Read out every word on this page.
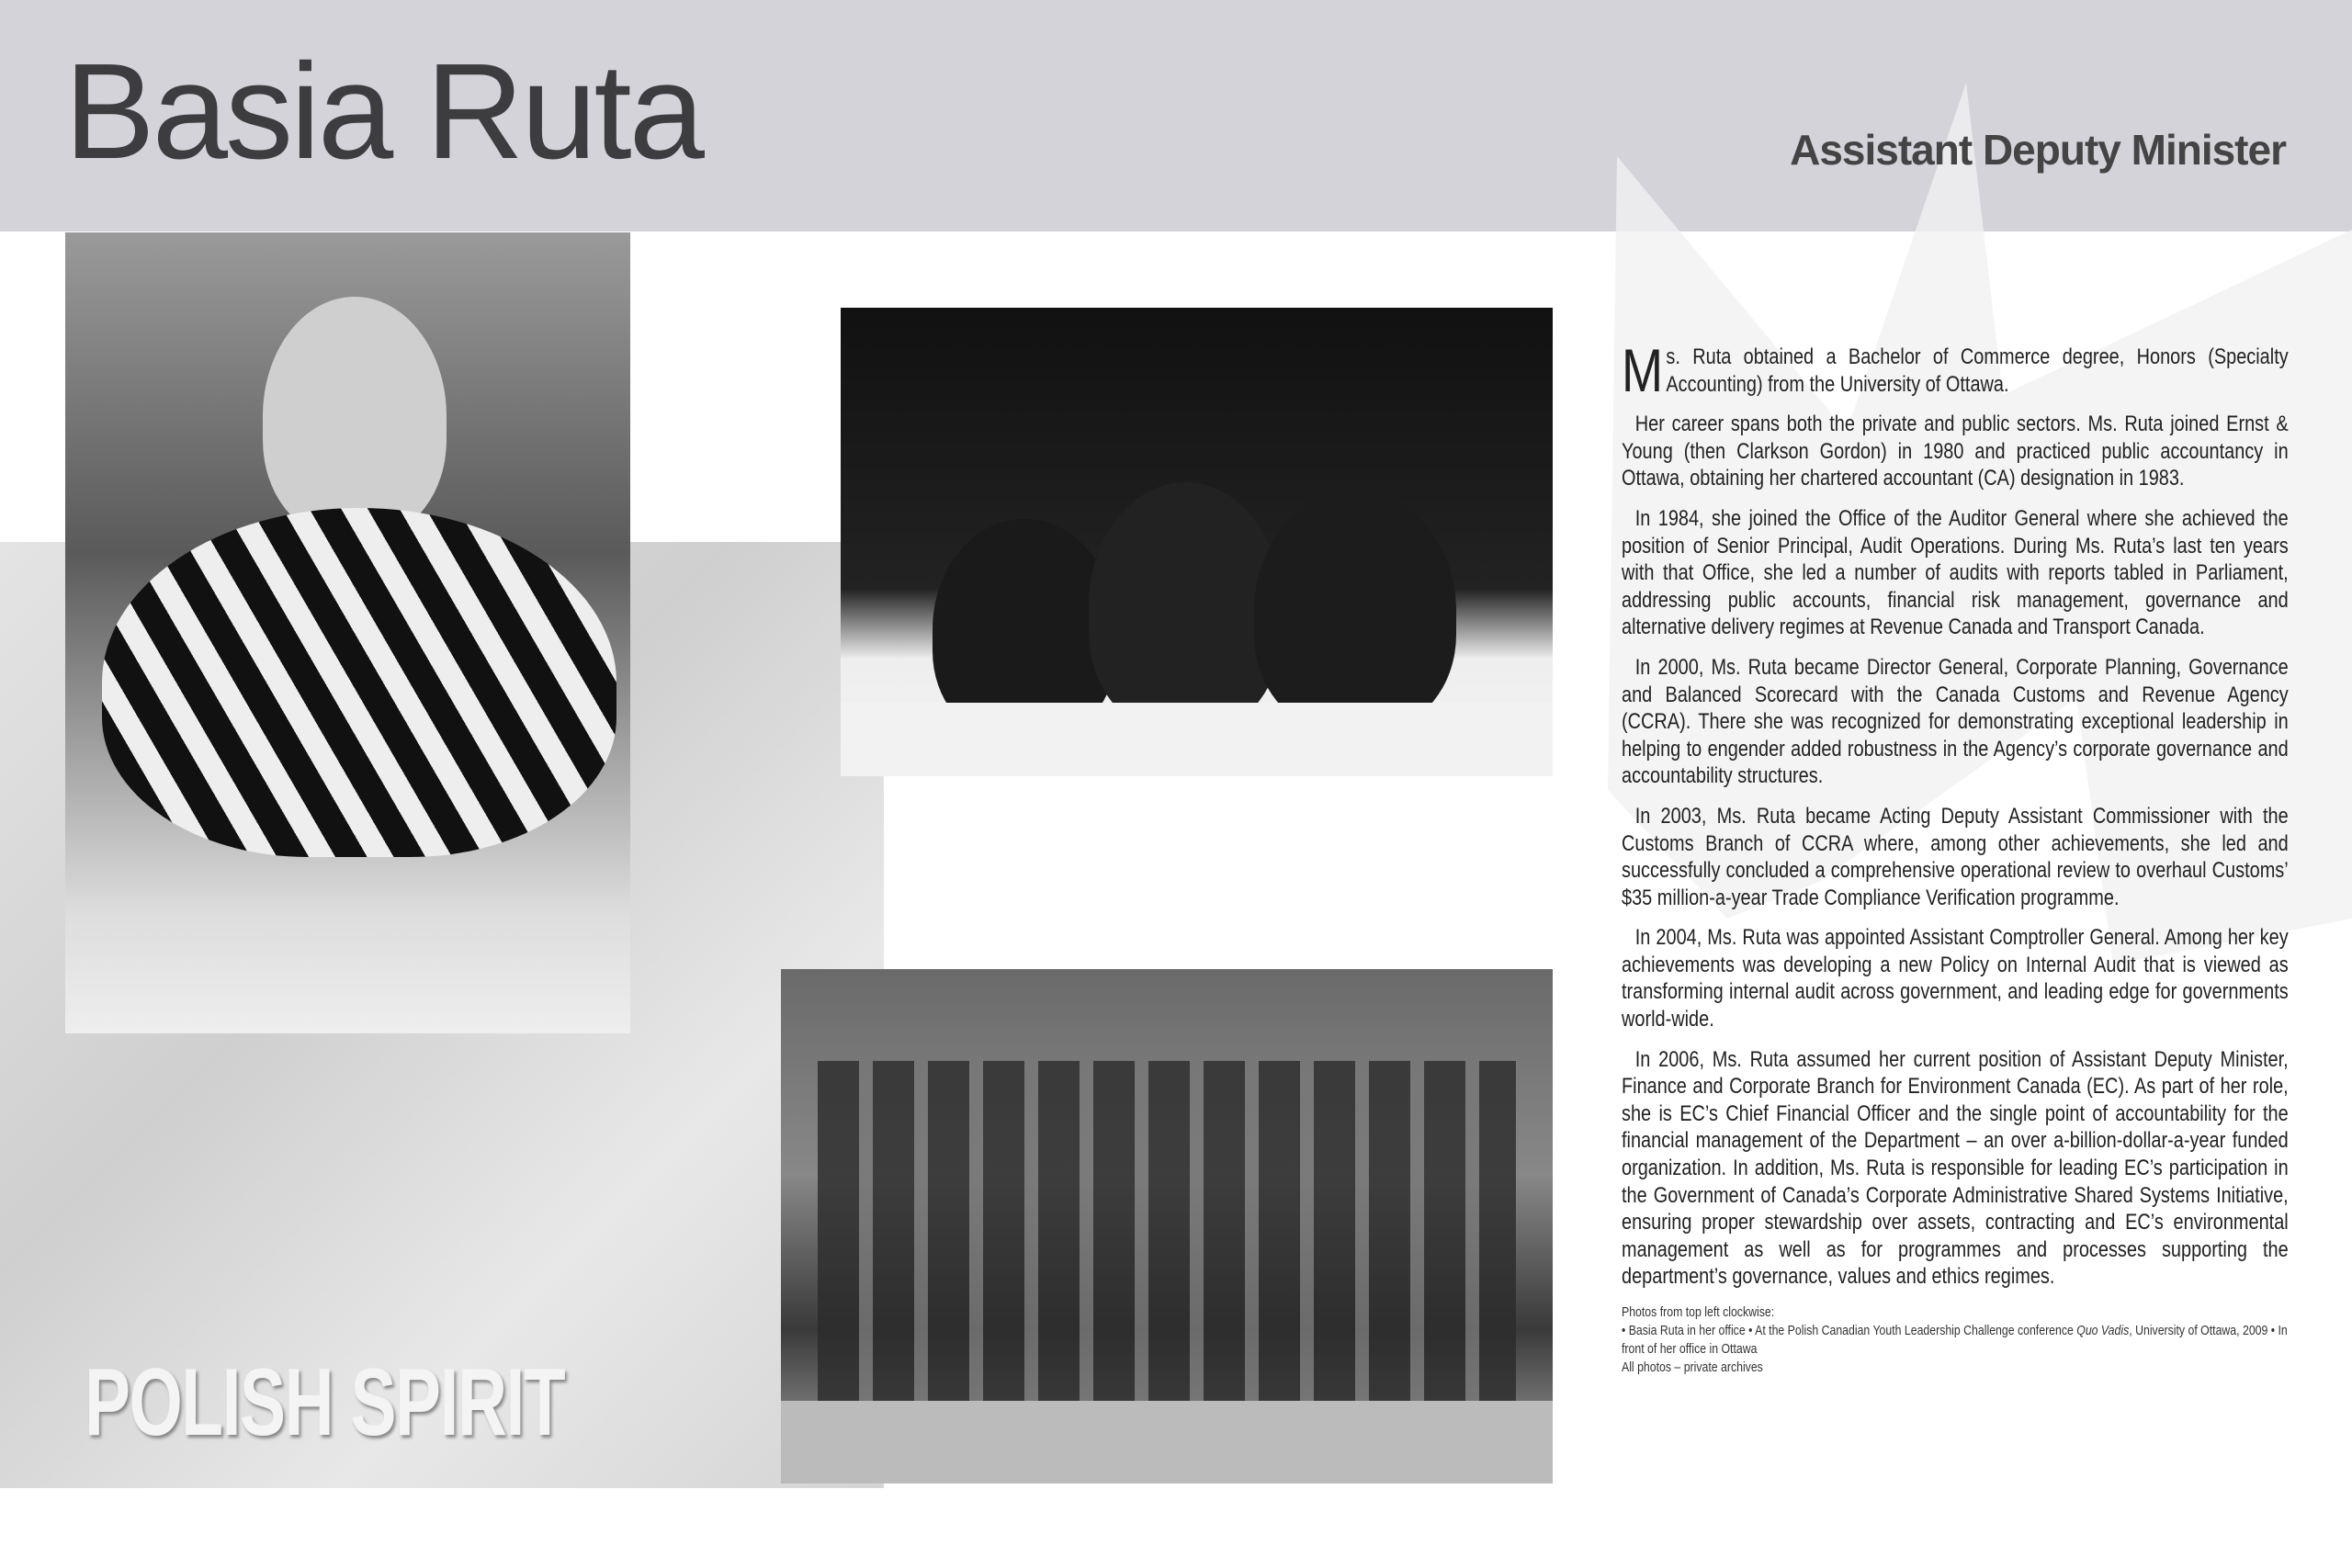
Basia Ruta	Assistant Deputy Minister
POLISH SPIRIT

Ms. Ruta obtained a Bachelor of Commerce degree, Honors (Specialty Accounting) from the University of Ottawa.

Her career spans both the private and public sectors. Ms. Ruta joined Ernst & Young (then Clarkson Gordon) in 1980 and practiced public accountancy in Ottawa, obtaining her chartered accountant (CA) designation in 1983.

In 1984, she joined the Office of the Auditor General where she achieved the position of Senior Principal, Audit Operations. During Ms. Ruta’s last ten years with that Office, she led a number of audits with reports tabled in Parliament, addressing public accounts, financial risk management, governance and alternative delivery regimes at Revenue Canada and Transport Canada.

In 2000, Ms. Ruta became Director General, Corporate Planning, Governance and Balanced Scorecard with the Canada Customs and Revenue Agency (CCRA). There she was recognized for demonstrating exceptional leadership in helping to engender added robustness in the Agency’s corporate governance and accountability structures.

In 2003, Ms. Ruta became Acting Deputy Assistant Commissioner with the Customs Branch of CCRA where, among other achievements, she led and successfully concluded a comprehensive operational review to overhaul Customs’ $35 million-a-year Trade Compliance Verification programme.

In 2004, Ms. Ruta was appointed Assistant Comptroller General. Among her key achievements was developing a new Policy on Internal Audit that is viewed as transforming internal audit across government, and leading edge for governments world-wide.

In 2006, Ms. Ruta assumed her current position of Assistant Deputy Minister, Finance and Corporate Branch for Environment Canada (EC). As part of her role, she is EC’s Chief Financial Officer and the single point of accountability for the financial management of the Department – an over a-billion-dollar-a-year funded organization. In addition, Ms. Ruta is responsible for leading EC’s participation in the Government of Canada’s Corporate Administrative Shared Systems Initiative, ensuring proper stewardship over assets, contracting and EC’s environmental management as well as for programmes and processes supporting the department’s governance, values and ethics regimes.

Photos from top left clockwise:
• Basia Ruta in her office • At the Polish Canadian Youth Leadership Challenge conference Quo Vadis, University of Ottawa, 2009 • In front of her office in Ottawa
All photos – private archives
